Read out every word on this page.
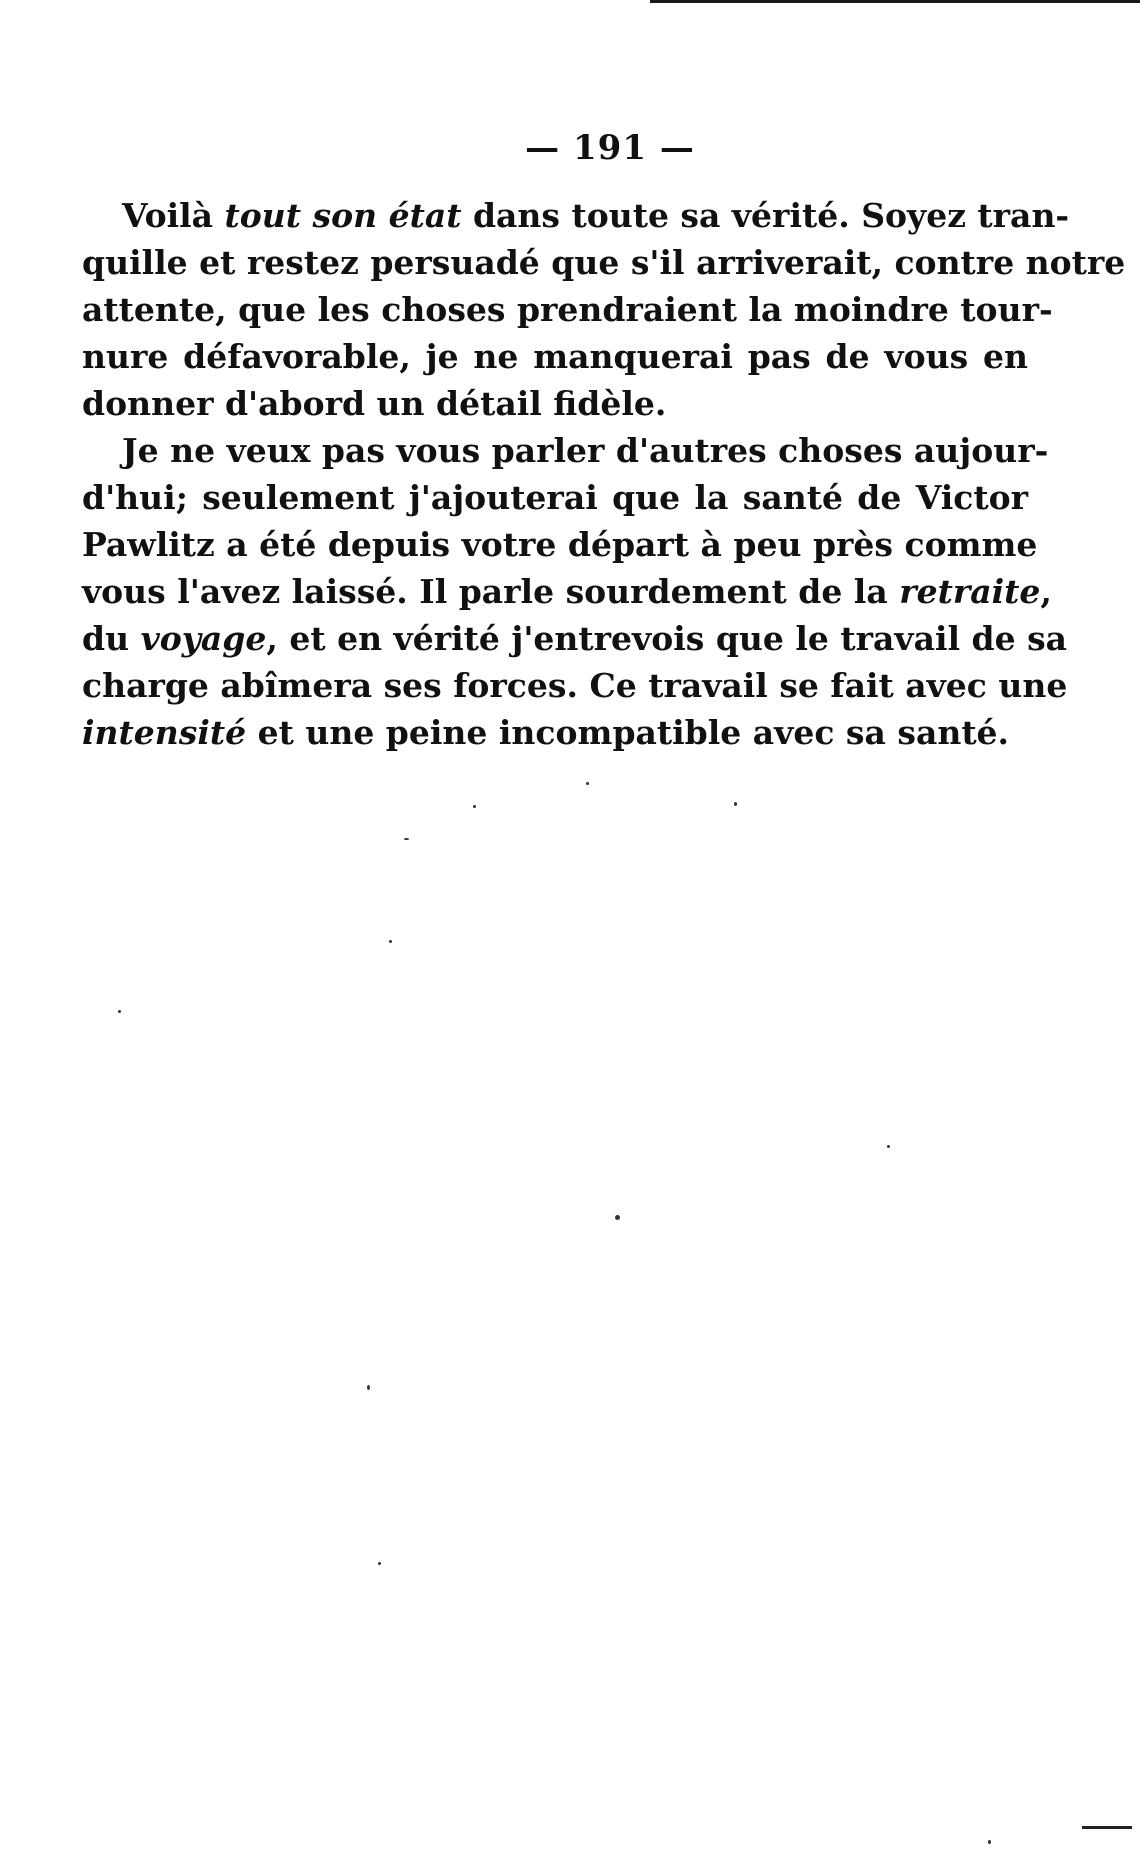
— 191 —
Voilà tout son état dans toute sa vérité. Soyez tran-
quille et restez persuadé que s'il arriverait, contre notre
attente, que les choses prendraient la moindre tour-
nure défavorable, je ne manquerai pas de vous en
donner d'abord un détail fidèle.
Je ne veux pas vous parler d'autres choses aujour-
d'hui; seulement j'ajouterai que la santé de Victor
Pawlitz a été depuis votre départ à peu près comme
vous l'avez laissé. Il parle sourdement de la retraite,
du voyage, et en vérité j'entrevois que le travail de sa
charge abîmera ses forces. Ce travail se fait avec une
intensité et une peine incompatible avec sa santé.
